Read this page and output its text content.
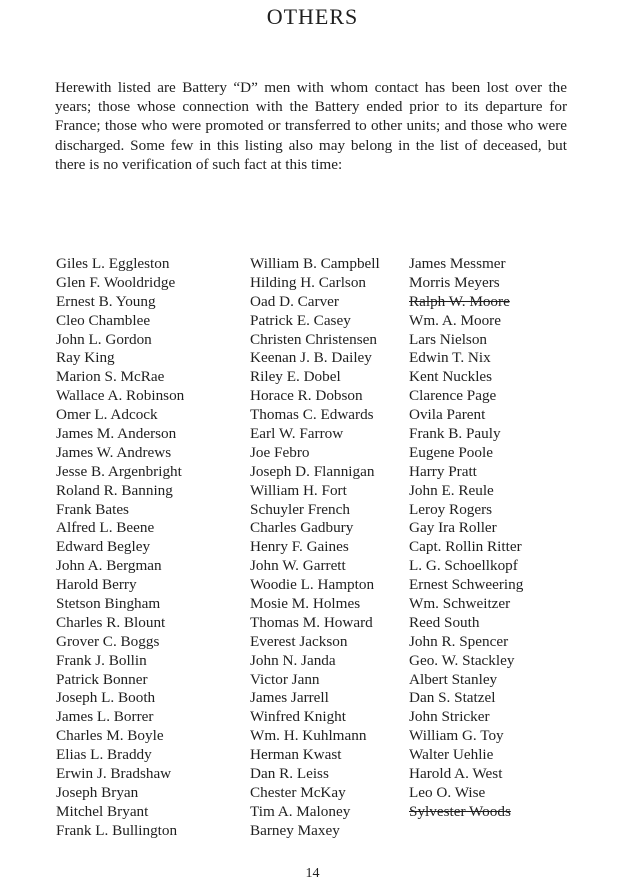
OTHERS

Herewith listed are Battery “D” men with whom contact has been lost over the years; those whose connection with the Battery ended prior to its departure for France; those who were promoted or transferred to other units; and those who were discharged. Some few in this listing also may belong in the list of deceased, but there is no verification of such fact at this time:

Giles L. Eggleston
Glen F. Wooldridge
Ernest B. Young
Cleo Chamblee
John L. Gordon
Ray King
Marion S. McRae
Wallace A. Robinson
Omer L. Adcock
James M. Anderson
James W. Andrews
Jesse B. Argenbright
Roland R. Banning
Frank Bates
Alfred L. Beene
Edward Begley
John A. Bergman
Harold Berry
Stetson Bingham
Charles R. Blount
Grover C. Boggs
Frank J. Bollin
Patrick Bonner
Joseph L. Booth
James L. Borrer
Charles M. Boyle
Elias L. Braddy
Erwin J. Bradshaw
Joseph Bryan
Mitchel Bryant
Frank L. Bullington
William B. Campbell
Hilding H. Carlson
Oad D. Carver
Patrick E. Casey
Christen Christensen
Keenan J. B. Dailey
Riley E. Dobel
Horace R. Dobson
Thomas C. Edwards
Earl W. Farrow
Joe Febro
Joseph D. Flannigan
William H. Fort
Schuyler French
Charles Gadbury
Henry F. Gaines
John W. Garrett
Woodie L. Hampton
Mosie M. Holmes
Thomas M. Howard
Everest Jackson
John N. Janda
Victor Jann
James Jarrell
Winfred Knight
Wm. H. Kuhlmann
Herman Kwast
Dan R. Leiss
Chester McKay
Tim A. Maloney
Barney Maxey
James Messmer
Morris Meyers
Ralph W. Moore
Wm. A. Moore
Lars Nielson
Edwin T. Nix
Kent Nuckles
Clarence Page
Ovila Parent
Frank B. Pauly
Eugene Poole
Harry Pratt
John E. Reule
Leroy Rogers
Gay Ira Roller
Capt. Rollin Ritter
L. G. Schoellkopf
Ernest Schweering
Wm. Schweitzer
Reed South
John R. Spencer
Geo. W. Stackley
Albert Stanley
Dan S. Statzel
John Stricker
William G. Toy
Walter Uehlie
Harold A. West
Leo O. Wise
Sylvester Woods
14
